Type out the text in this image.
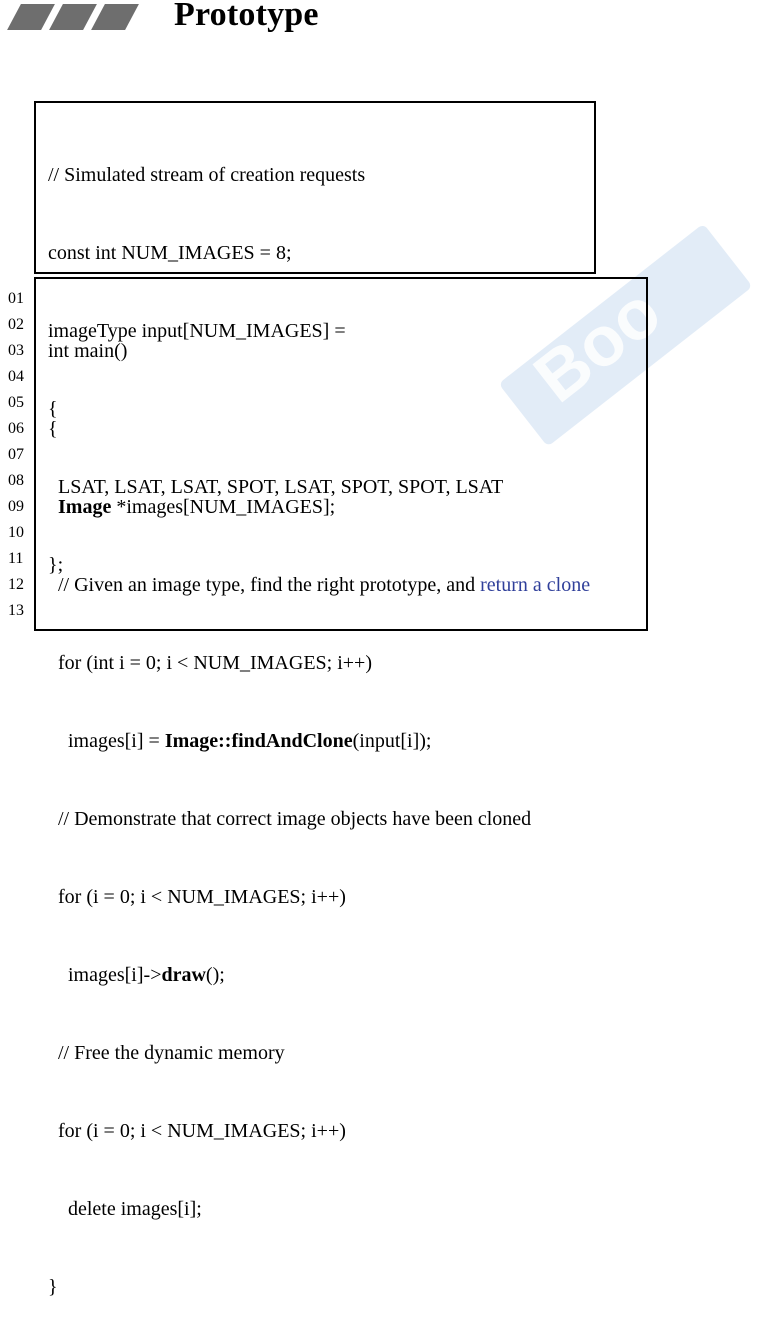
Prototype
Boo

// Simulated stream of creation requests

const int NUM_IMAGES = 8;

imageType input[NUM_IMAGES] =

{

LSAT, LSAT, LSAT, SPOT, LSAT, SPOT, SPOT, LSAT

};

01
02
03
04
05
06
07
08
09
10
11
12
13

int main()

{

Image *images[NUM_IMAGES];

// Given an image type, find the right prototype, and return a clone

for (int i = 0; i < NUM_IMAGES; i++)

images[i] = Image::findAndClone(input[i]);

// Demonstrate that correct image objects have been cloned

for (i = 0; i < NUM_IMAGES; i++)

images[i]->draw();

// Free the dynamic memory

for (i = 0; i < NUM_IMAGES; i++)

delete images[i];

}
